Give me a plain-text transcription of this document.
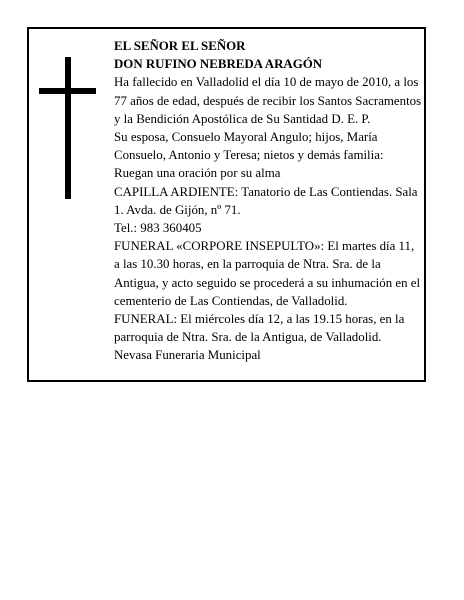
EL SEÑOR EL SEÑOR

DON RUFINO NEBREDA ARAGÓN

Ha fallecido en Valladolid el día 10 de mayo de 2010, a los 77 años de edad, después de recibir los Santos Sacramentos y la Bendición Apostólica de Su Santidad D. E. P.

Su esposa, Consuelo Mayoral Angulo; hijos, María Consuelo, Antonio y Teresa; nietos y demás familia:

Ruegan una oración por su alma

CAPILLA ARDIENTE: Tanatorio de Las Contiendas. Sala 1. Avda. de Gijón, nº 71.

Tel.: 983 360405

FUNERAL «CORPORE INSEPULTO»: El martes día 11, a las 10.30 horas, en la parroquia de Ntra. Sra. de la Antigua, y acto seguido se procederá a su inhumación en el cementerio de Las Contiendas, de Valladolid.

FUNERAL: El miércoles día 12, a las 19.15 horas, en la parroquia de Ntra. Sra. de la Antigua, de Valladolid.

Nevasa Funeraria Municipal
